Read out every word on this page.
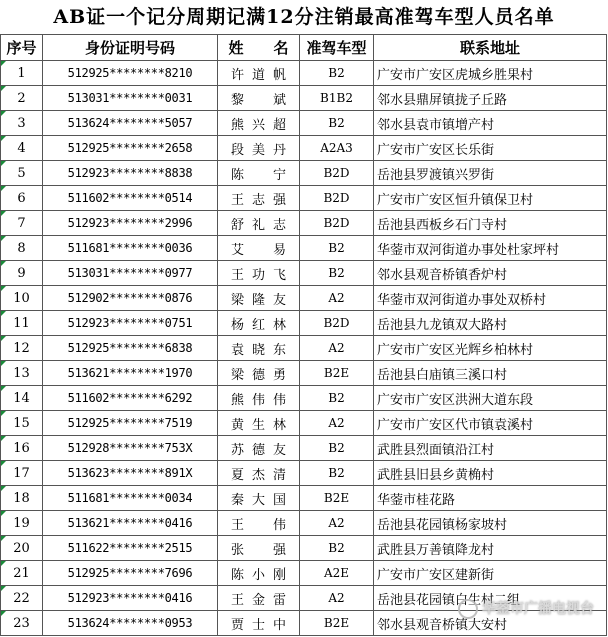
AB证一个记分周期记满12分注销最高准驾车型人员名单
序号	身份证明号码	姓　　名	准驾车型	联系地址
1	512925********8210	许道帆	B2	广安市广安区虎城乡胜果村
2	513031********0031	黎　斌	B1B2	邻水县鼎屏镇拢子丘路
3	513624********5057	熊兴超	B2	邻水县袁市镇增产村
4	512925********2658	段美丹	A2A3	广安市广安区长乐街
5	512923********8838	陈　宁	B2D	岳池县罗渡镇兴罗街
6	511602********0514	王志强	B2D	广安市广安区恒升镇保卫村
7	512923********2996	舒礼志	B2D	岳池县西板乡石门寺村
8	511681********0036	艾　易	B2	华蓥市双河街道办事处杜家坪村
9	513031********0977	王功飞	B2	邻水县观音桥镇香炉村
10	512902********0876	梁隆友	A2	华蓥市双河街道办事处双桥村
11	512923********0751	杨红林	B2D	岳池县九龙镇双大路村
12	512925********6838	袁晓东	A2	广安市广安区光辉乡柏林村
13	513621********1970	梁德勇	B2E	岳池县白庙镇三溪口村
14	511602********6292	熊伟伟	B2	广安市广安区洪洲大道东段
15	512925********7519	黄生林	A2	广安市广安区代市镇袁溪村
16	512928********753X	苏德友	B2	武胜县烈面镇沿江村
17	513623********891X	夏杰清	B2	武胜县旧县乡黄桷村
18	511681********0034	秦大国	B2E	华蓥市桂花路
19	513621********0416	王　伟	A2	岳池县花园镇杨家坡村
20	511622********2515	张　强	B2	武胜县万善镇降龙村
21	512925********7696	陈小刚	A2E	广安市广安区建新街
22	512923********0416	王金雷	A2	岳池县花园镇白生村二组
23	513624********0953	贾士中	B2E	邻水县观音桥镇大安村
华蓥市广播电视台
